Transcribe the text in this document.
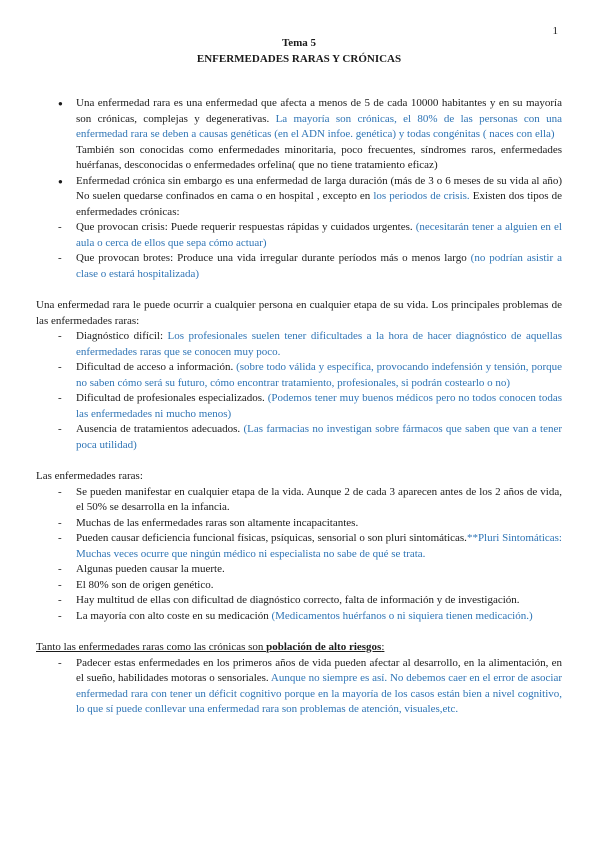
1
Tema 5
ENFERMEDADES RARAS Y CRÓNICAS
● Una enfermedad rara es una enfermedad que afecta a menos de 5 de cada 10000 habitantes y en su mayoría son crónicas, complejas y degenerativas. La mayoría son crónicas, el 80% de las personas con una enfermedad rara se deben a causas genéticas (en el ADN infoe. genética) y todas congénitas ( naces con ella)
También son conocidas como enfermedades minoritaria, poco frecuentes, síndromes raros, enfermedades huérfanas, desconocidas o enfermedades orfelina( que no tiene tratamiento eficaz)
● Enfermedad crónica sin embargo es una enfermedad de larga duración (más de 3 o 6 meses de su vida al año) No suelen quedarse confinados en cama o en hospital , excepto en los periodos de crisis. Existen dos tipos de enfermedades crónicas:
- Que provocan crisis: Puede requerir respuestas rápidas y cuidados urgentes. (necesitarán tener a alguien en el aula o cerca de ellos que sepa cómo actuar)
- Que provocan brotes: Produce una vida irregular durante períodos más o menos largo (no podrían asistir a clase o estará hospitalizada)
Una enfermedad rara le puede ocurrir a cualquier persona en cualquier etapa de su vida. Los principales problemas de las enfermedades raras:
- Diagnóstico difícil: Los profesionales suelen tener dificultades a la hora de hacer diagnóstico de aquellas enfermedades raras que se conocen muy poco.
- Dificultad de acceso a información. (sobre todo válida y específica, provocando indefensión y tensión, porque no saben cómo será su futuro, cómo encontrar tratamiento, profesionales, si podrán costearlo o no)
- Dificultad de profesionales especializados. (Podemos tener muy buenos médicos pero no todos conocen todas las enfermedades ni mucho menos)
- Ausencia de tratamientos adecuados. (Las farmacias no investigan sobre fármacos que saben que van a tener poca utilidad)
Las enfermedades raras:
- Se pueden manifestar en cualquier etapa de la vida. Aunque 2 de cada 3 aparecen antes de los 2 años de vida, el 50% se desarrolla en la infancia.
- Muchas de las enfermedades raras son altamente incapacitantes.
- Pueden causar deficiencia funcional físicas, psíquicas, sensorial o son pluri sintomáticas.**Pluri Sintomáticas: Muchas veces ocurre que ningún médico ni especialista no sabe de qué se trata.
- Algunas pueden causar la muerte.
- El 80% son de origen genético.
- Hay multitud de ellas con dificultad de diagnóstico correcto, falta de información y de investigación.
- La mayoría con alto coste en su medicación (Medicamentos huérfanos o ni siquiera tienen medicación.)
Tanto las enfermedades raras como las crónicas son población de alto riesgos:
- Padecer estas enfermedades en los primeros años de vida pueden afectar al desarrollo, en la alimentación, en el sueño, habilidades motoras o sensoriales. Aunque no siempre es así. No debemos caer en el error de asociar enfermedad rara con tener un déficit cognitivo porque en la mayoría de los casos están bien a nivel cognitivo, lo que sí puede conllevar una enfermedad rara son problemas de atención, visuales,etc.
